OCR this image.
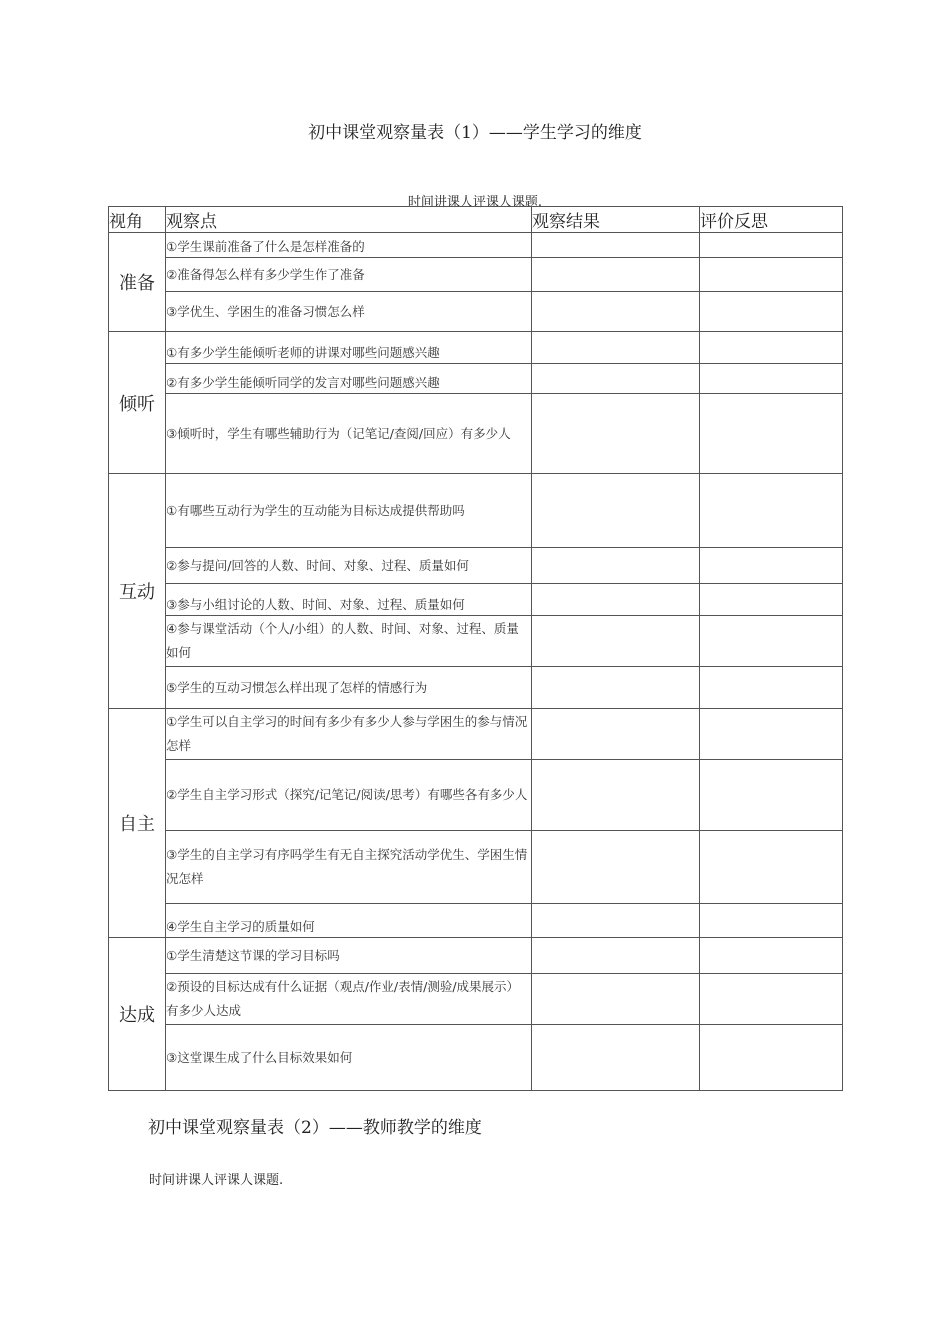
初中课堂观察量表（1）——学生学习的维度
时间讲课人评课人课题.
视角	观察点	观察结果	评价反思
准备	①学生课前准备了什么是怎样准备的		
	②准备得怎么样有多少学生作了准备		
	③学优生、学困生的准备习惯怎么样		
倾听	①有多少学生能倾听老师的讲课对哪些问题感兴趣		
	②有多少学生能倾听同学的发言对哪些问题感兴趣		
	③倾听时，学生有哪些辅助行为（记笔记/查阅/回应）有多少人		
互动	①有哪些互动行为学生的互动能为目标达成提供帮助吗		
	②参与提问/回答的人数、时间、对象、过程、质量如何		
	③参与小组讨论的人数、时间、对象、过程、质量如何		
	④参与课堂活动（个人/小组）的人数、时间、对象、过程、质量如何		
	⑤学生的互动习惯怎么样出现了怎样的情感行为		
自主	①学生可以自主学习的时间有多少有多少人参与学困生的参与情况怎样		
	②学生自主学习形式（探究/记笔记/阅读/思考）有哪些各有多少人		
	③学生的自主学习有序吗学生有无自主探究活动学优生、学困生情况怎样		
	④学生自主学习的质量如何		
达成	①学生清楚这节课的学习目标吗		
	②预设的目标达成有什么证据（观点/作业/表情/测验/成果展示）有多少人达成		
	③这堂课生成了什么目标效果如何		
初中课堂观察量表（2）——教师教学的维度
时间讲课人评课人课题.
